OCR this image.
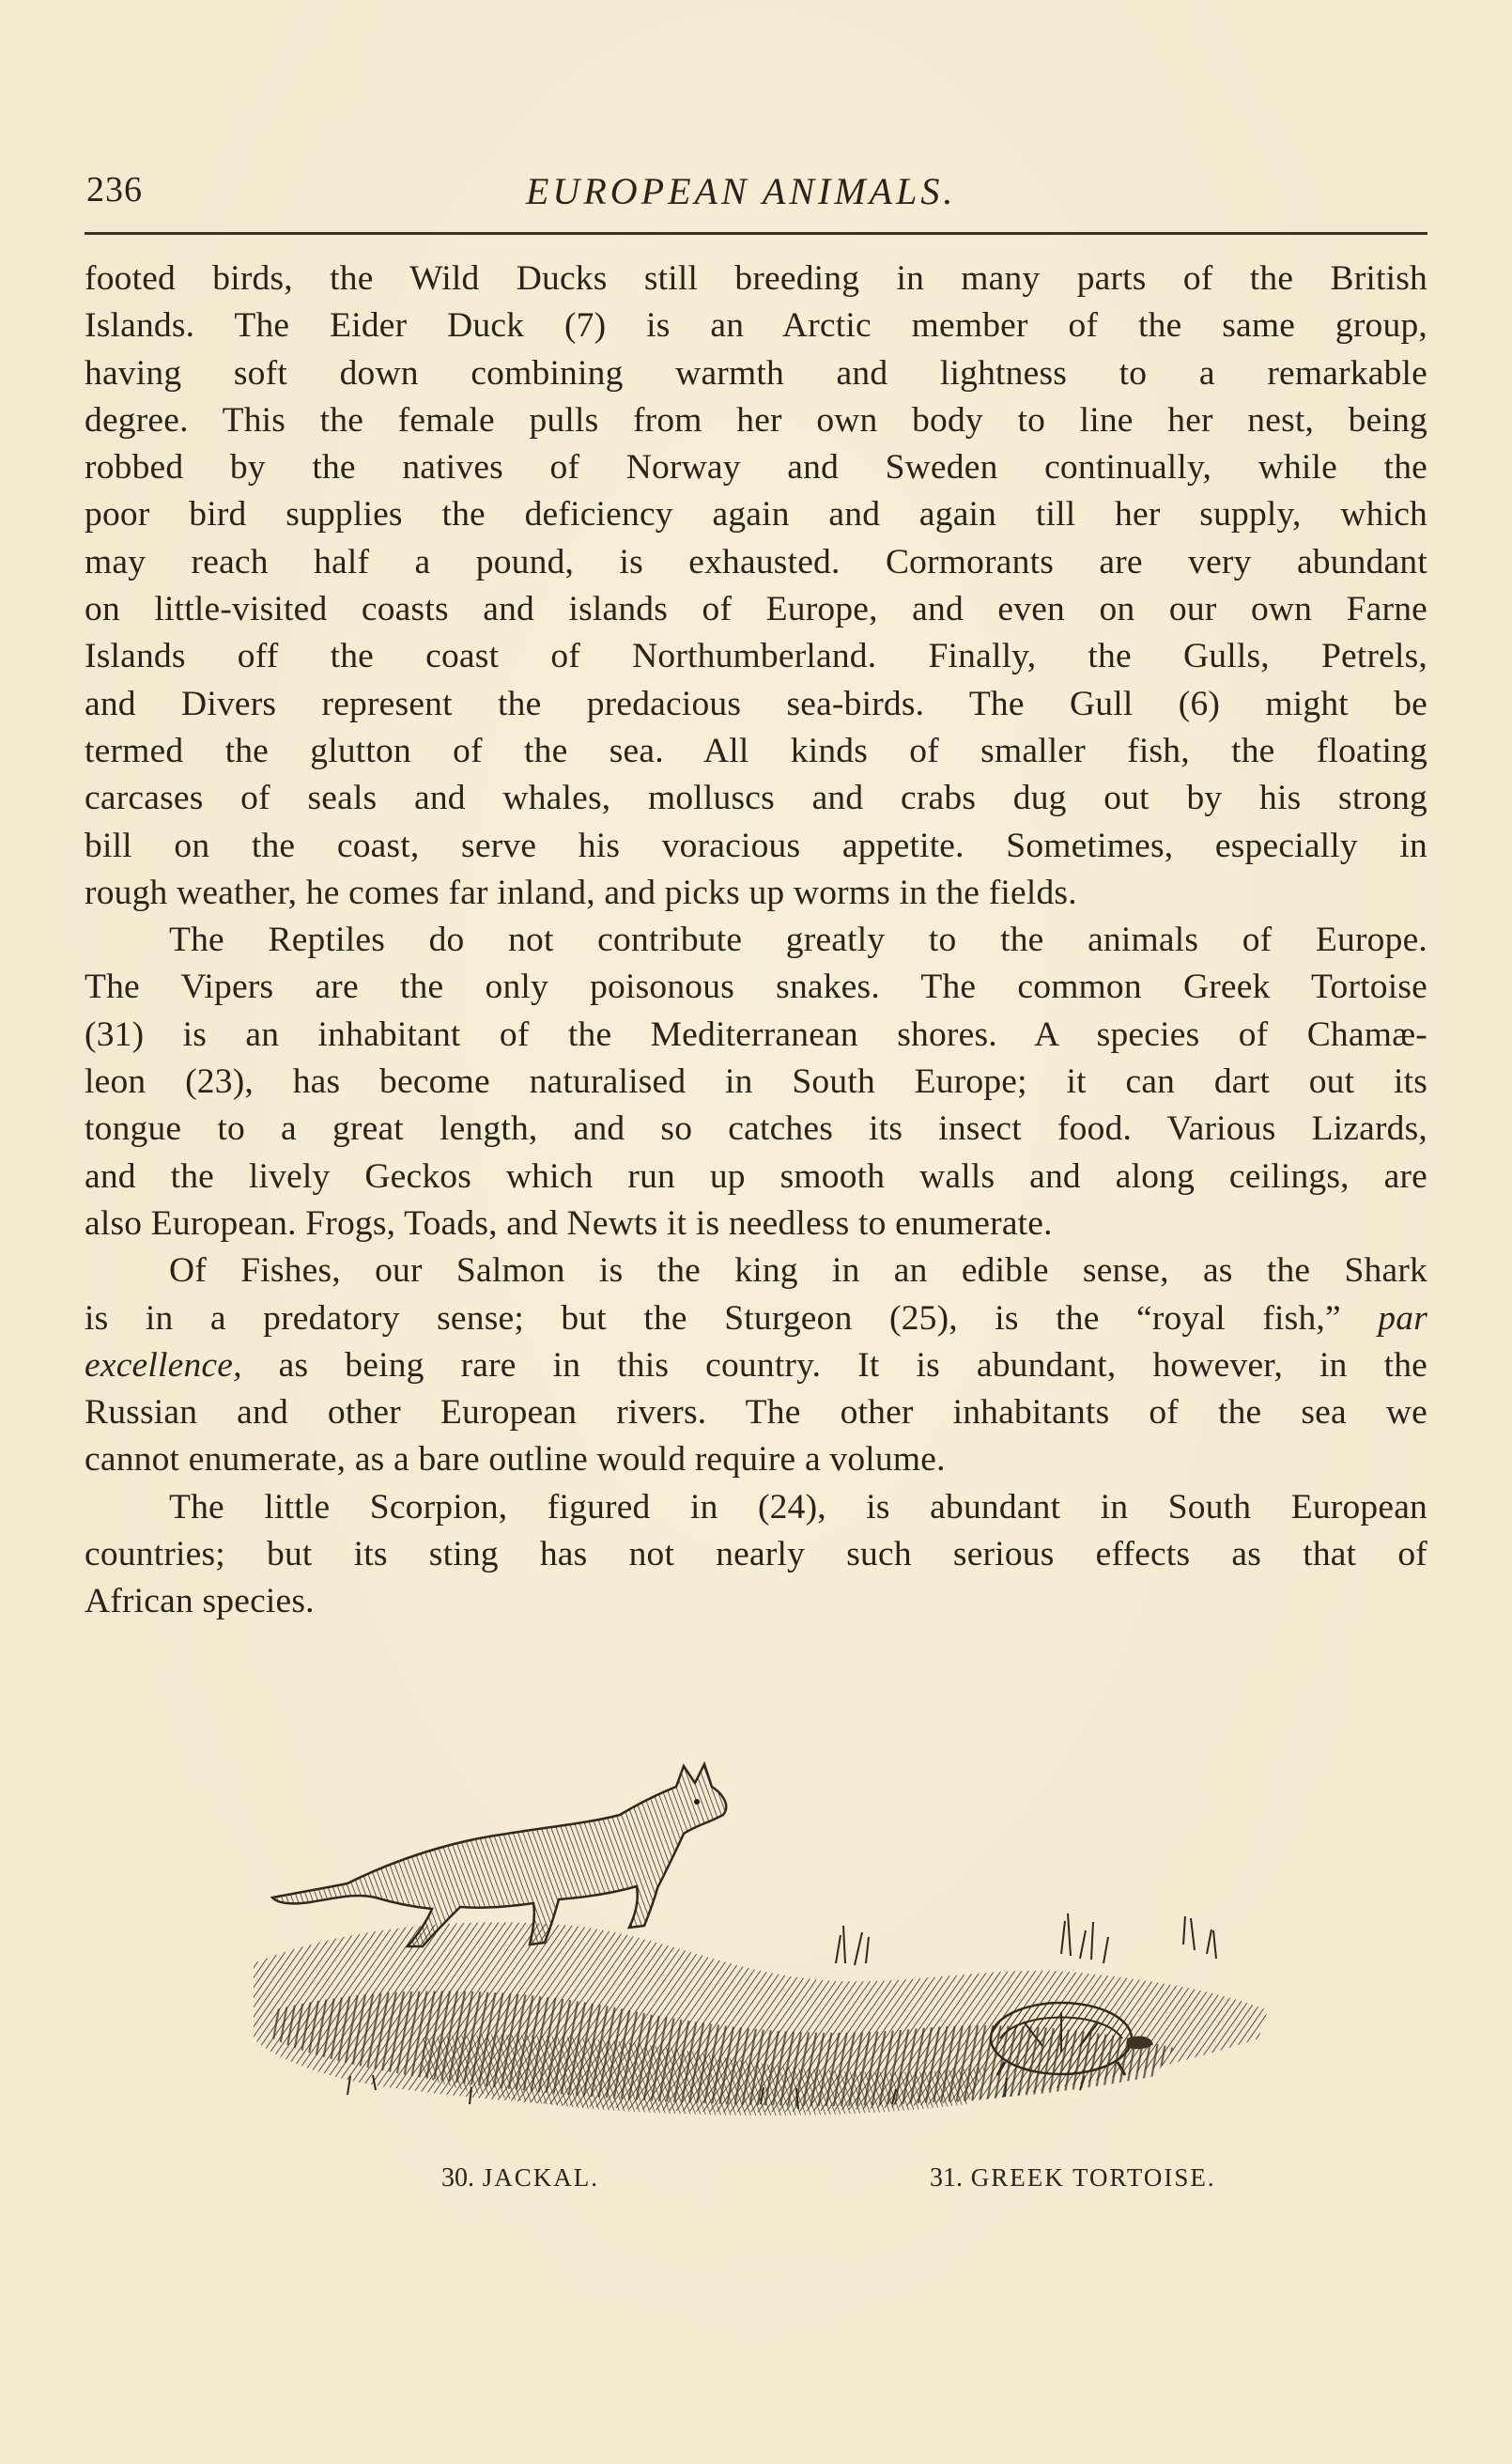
236	EUROPEAN ANIMALS.
footed birds, the Wild Ducks still breeding in many parts of the British
Islands. The Eider Duck (7) is an Arctic member of the same group,
having soft down combining warmth and lightness to a remarkable
degree. This the female pulls from her own body to line her nest, being
robbed by the natives of Norway and Sweden continually, while the
poor bird supplies the deficiency again and again till her supply, which
may reach half a pound, is exhausted. Cormorants are very abundant
on little-visited coasts and islands of Europe, and even on our own Farne
Islands off the coast of Northumberland. Finally, the Gulls, Petrels,
and Divers represent the predacious sea-birds. The Gull (6) might be
termed the glutton of the sea. All kinds of smaller fish, the floating
carcases of seals and whales, molluscs and crabs dug out by his strong
bill on the coast, serve his voracious appetite. Sometimes, especially in
rough weather, he comes far inland, and picks up worms in the fields.
The Reptiles do not contribute greatly to the animals of Europe.
The Vipers are the only poisonous snakes. The common Greek Tortoise
(31) is an inhabitant of the Mediterranean shores. A species of Chamæ-
leon (23), has become naturalised in South Europe; it can dart out its
tongue to a great length, and so catches its insect food. Various Lizards,
and the lively Geckos which run up smooth walls and along ceilings, are
also European. Frogs, Toads, and Newts it is needless to enumerate.
Of Fishes, our Salmon is the king in an edible sense, as the Shark
is in a predatory sense; but the Sturgeon (25), is the “royal fish,” par
excellence, as being rare in this country. It is abundant, however, in the
Russian and other European rivers. The other inhabitants of the sea we
cannot enumerate, as a bare outline would require a volume.
The little Scorpion, figured in (24), is abundant in South European
countries; but its sting has not nearly such serious effects as that of
African species.
30. JACKAL.	31. GREEK TORTOISE.
